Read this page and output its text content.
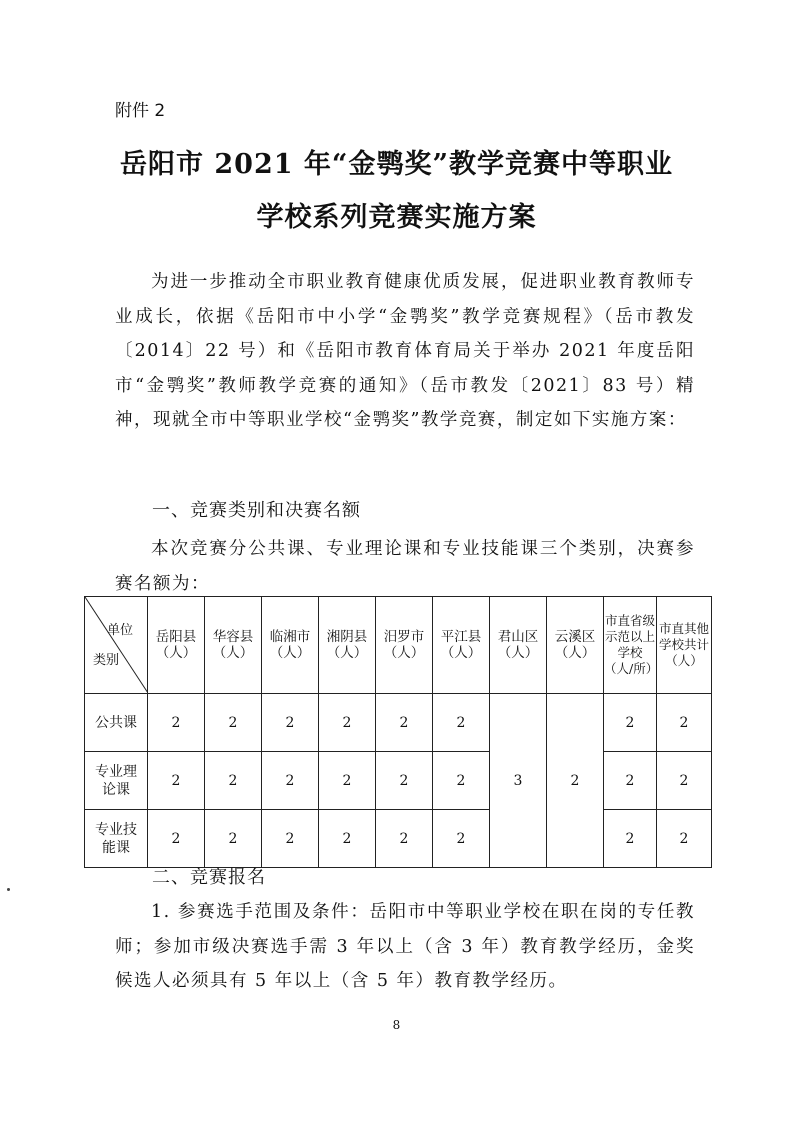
附件 2
岳阳市 2021 年“金鹗奖”教学竞赛中等职业
学校系列竞赛实施方案

为进一步推动全市职业教育健康优质发展，促进职业教育教师专业成长，依据《岳阳市中小学“金鹗奖”教学竞赛规程》（岳市教发〔2014〕22 号）和《岳阳市教育体育局关于举办 2021 年度岳阳市“金鹗奖”教师教学竞赛的通知》（岳市教发〔2021〕83 号）精神，现就全市中等职业学校“金鹗奖”教学竞赛，制定如下实施方案：

一、竞赛类别和决赛名额

本次竞赛分公共课、专业理论课和专业技能课三个类别，决赛参赛名额为：

单位
类别	岳阳县（人）	华容县（人）	临湘市（人）	湘阴县（人）	汨罗市（人）	平江县（人）	君山区（人）	云溪区（人）	市直省级示范以上学校（人/所）	市直其他学校共计（人）
公共课	2	2	2	2	2	2	3	2	2	2
专业理论课	2	2	2	2	2	2			2	2
专业技能课	2	2	2	2	2	2			2	2
二、竞赛报名

1. 参赛选手范围及条件：岳阳市中等职业学校在职在岗的专任教师；参加市级决赛选手需 3 年以上（含 3 年）教育教学经历，金奖候选人必须具有 5 年以上（含 5 年）教育教学经历。

8
